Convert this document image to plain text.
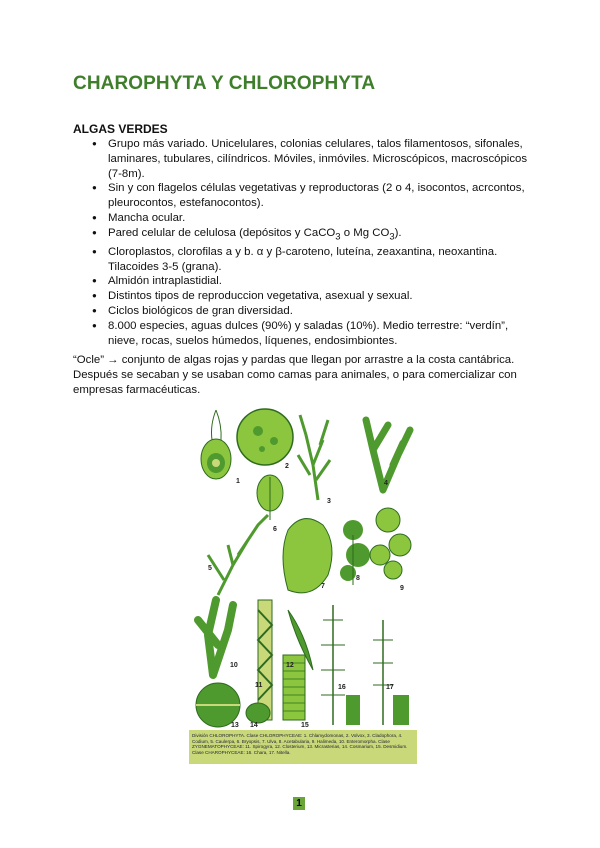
CHAROPHYTA Y CHLOROPHYTA
ALGAS VERDES
● Grupo más variado. Unicelulares, colonias celulares, talos filamentosos, sifonales, laminares, tubulares, cilíndricos. Móviles, inmóviles. Microscópicos, macroscópicos (7-8m).
● Sin y con flagelos células vegetativas y reproductoras (2 o 4, isocontos, acrcontos, pleurocontos, estefanocontos).
● Mancha ocular.
● Pared celular de celulosa (depósitos y CaCO$_3$ o Mg $CO_3$).
● Cloroplastos, clorofilas a y b. α y β-caroteno, luteína, zeaxantina, neoxantina. Tilacoides 3-5 (grana).
● Almidón intraplastidial.
● Distintos tipos de reproduccion vegetativa, asexual y sexual.
● Ciclos biológicos de gran diversidad.
● 8.000 especies, aguas dulces (90%) y saladas (10%). Medio terrestre: “verdín”, nieve, rocas, suelos húmedos, líquenes, endosimbiontes.

“Ocle” → conjunto de algas rojas y pardas que llegan por arrastre a la costa cantábrica. Después se secaban y se usaban como camas para animales, o para comercializar con empresas farmacéuticas.

1
2
3
4
5
6
7
8
9
10
11
12
13 14	15
16	17
División CHLOROPHYTA. Clase CHLOROPHYCEAE: 1. Chlamydomonas, 2. Volvox, 3. Cladophora, 4. Codium, 5. Caulerpa, 6. Bryopsis, 7. Ulva, 8. Acetabularia, 9. Halimeda, 10. Enteromorpha. Clase ZYGNEMATOPHYCEAE: 11. Spirogyra, 12. Closterium, 13. Micrasterias, 14. Cosmarium, 15. Desmidium. Clase CHAROPHYCEAE: 16. Chara, 17. Nitella.
1
